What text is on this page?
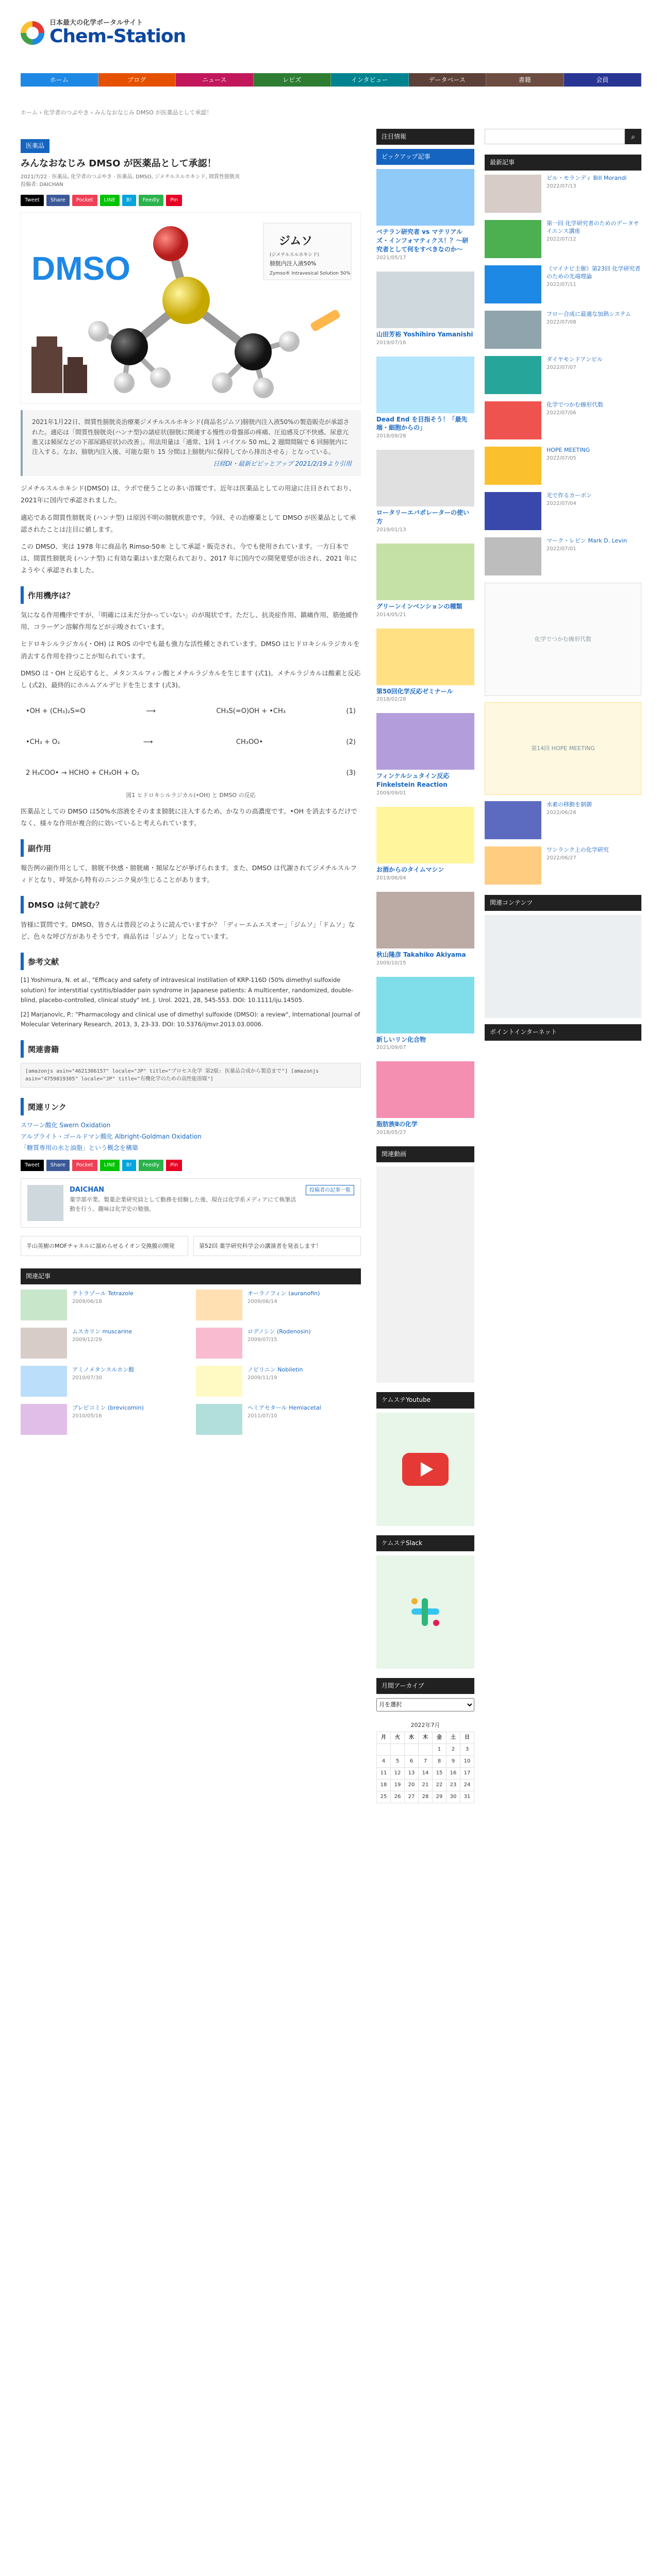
日本最大の化学ポータルサイト
Chem-Station
ホーム	ブログ	ニュース	レビズ	インタビュー	データベース	書籍	会員
ホーム › 化学者のつぶやき › みんなおなじみ DMSO が医薬品として承認！
医薬品
みんなおなじみ DMSO が医薬品として承認！
2021/7/22 · 医薬品, 化学者のつぶやき · 医薬品, DMSO, ジメチルスルホキシド, 間質性膀胱炎
投稿者: DAICHAN
Tweet	Share	Pocket	LINE	B!	Feedly	Pin
DMSO
ジムソ
(ジメチルスルホキシド)
膀胱内注入液50%
Zymso® Intravesical Solution 50%
2021年1月22日、間質性膀胱炎治療薬ジメチルスルホキシド(商品名ジムソ)膀胱内注入液50%の製造販売が承認された。適応は「間質性膀胱炎(ハンナ型)の諸症状(膀胱に関連する慢性の骨盤部の疼痛、圧迫感及び不快感、尿意亢進又は頻尿などの下部尿路症状)の改善」。用法用量は「通常、1回 1 バイアル 50 mL, 2 週間間隔で 6 回膀胱内に注入する。なお、膀胱内注入後、可能な限り 15 分間は上膀胱内に保持してから排出させる」となっている。
日経DI・最新ピピッとアップ 2021/2/19より引用

ジメチルスルホキシド(DMSO) は、ラボで使うことの多い溶媒です。近年は医薬品としての用途に注目されており、2021年に国内で承認されました。

適応である間質性膀胱炎 (ハンナ型) は原因不明の膀胱疾患です。今回、その治療薬として DMSO が医薬品として承認されたことは注目に値します。

この DMSO、実は 1978 年に商品名 Rimso-50® として承認・販売され、今でも使用されています。一方日本では、間質性膀胱炎 (ハンナ型) に有効な薬はいまだ限られており、2017 年に国内での開発要望が出され、2021 年にようやく承認されました。

作用機序は？

気になる作用機序ですが、「明確には未だ分かっていない」のが現状です。ただし、抗炎症作用、鎮痛作用、筋弛緩作用、コラーゲン溶解作用などが示唆されています。

ヒドロキシルラジカル(・OH) は ROS の中でも最も強力な活性種とされています。DMSO はヒドロキシルラジカルを消去する作用を持つことが知られています。

DMSO は・OH と反応すると、メタンスルフィン酸とメチルラジカルを生じます (式1)。メチルラジカルは酸素と反応し (式2)、最終的にホルムアルデヒドを生じます (式3)。

•OH + (CH₃)₂S=O	⟶	CH₃S(=O)OH + •CH₃	(1)
•CH₃ + O₂	⟶	CH₃OO•	(2)
2 H₃COO• → HCHO + CH₃OH + O₂	(3)
図1 ヒドロキシルラジカル(•OH) と DMSO の反応

医薬品としての DMSO は50%水溶液をそのまま膀胱に注入するため、かなりの高濃度です。•OH を消去するだけでなく、様々な作用が複合的に効いていると考えられています。

副作用

報告例の副作用として、膀胱不快感・膀胱痛・頻尿などが挙げられます。また、DMSO は代謝されてジメチルスルフィドとなり、呼気から特有のニンニク臭が生じることがあります。

DMSO は何て読む？

皆様に質問です。DMSO、皆さんは普段どのように読んでいますか？「ディーエムエスオー」「ジムソ」「ドムソ」など、色々な呼び方がありそうです。商品名は「ジムソ」となっています。

参考文献

[1] Yoshimura, N. et al., "Efficacy and safety of intravesical instillation of KRP-116D (50% dimethyl sulfoxide solution) for interstitial cystitis/bladder pain syndrome in Japanese patients: A multicenter, randomized, double-blind, placebo-controlled, clinical study" Int. J. Urol. 2021, 28, 545-553. DOI: 10.1111/iju.14505.

[2] Marjanovic, P.: "Pharmacology and clinical use of dimethyl sulfoxide (DMSO): a review", International Journal of Molecular Veterinary Research, 2013, 3, 23-33. DOI: 10.5376/ijmvr.2013.03.0006.

関連書籍
[amazonjs asin="4621306157" locale="JP" title="プロセス化学 第2版: 医薬品合成から製造まで"] [amazonjs asin="4759819305" locale="JP" title="有機化学のための高性能溶媒"]
関連リンク
スワーン酸化 Swern Oxidation
アルブライト・ゴールドマン酸化 Albright-Goldman Oxidation
「糖質専用の水と油脂」という概念を構築
Tweet	Share	Pocket	LINE	B!	Feedly	Pin
DAICHAN
薬学部卒業。製薬企業研究員として勤務を経験した後、現在は化学系メディアにて執筆活動を行う。趣味は化学史の勉強。
投稿者の記事一覧
半山英樹のMOFチャネルに溜めらせるイオン交換膜の開発	第52回 薬学研究科学会の講演者を発表します！
関連記事
テトラゾール Tetrazole
2009/06/18
オーラノフィン (auranofin)
2009/06/14
ムスカリン muscarine
2009/12/29
ロデノシン (Rodenosin)
2009/07/15
アミノメタンスルホン酸
2010/07/30
ノビリニン Nobiletin
2009/11/19
ブレビコミン (brevicomin)
2010/05/16
ヘミアセタール Hemiacetal
2011/07/10
注目情報
ピックアップ記事
ベテラン研究者 vs マテリアルズ・インフォマティクス！？～研究者として何をすべきなのか～
2021/05/17
山田芳裕 Yoshihiro Yamanishi
2019/07/16
Dead End を目指そう！「最先端・細胞からの」
2018/09/28
ロータリーエバポレーターの使い方
2019/01/13
グリーンインベンションの種類
2014/05/21
第50回化学反応ゼミナール
2018/02/28
フィンケルシュタイン反応 Finkelstein Reaction
2009/09/01
お酒からのタイムマシン
2019/06/04
秋山隆彦 Takahiko Akiyama
2009/10/15
新しいリン化合物
2021/09/07
脂肪族Ⅱの化学
2018/05/27
関連動画
ケムステYoutube
ケムステSlack
月間アーカイブ
月を選択
2022年7月
月	火	水	木	金	土	日
				1	2	3
4	5	6	7	8	9	10
11	12	13	14	15	16	17
18	19	20	21	22	23	24
25	26	27	28	29	30	31
⌕
最新記事
ビル・モランディ Bill Morandi
2022/07/13
第一回 化学研究者のためのデータサイエンス講座
2022/07/12
《マイナビ主催》第23回 化学研究者のための先端理論
2022/07/11
フロー合成に最適な加熱システム
2022/07/08
ダイヤモンドアンビル
2022/07/07
化学でつかむ線形代数
2022/07/06
HOPE MEETING
2022/07/05
光で作るカーボン
2022/07/04
マーク・レビン Mark D. Levin
2022/07/01
化学でつかむ線形代数
第14回 HOPE MEETING
水素の移動を制御
2022/06/28
ワンランク上の化学研究
2022/06/27
関連コンテンツ
ポイントインターネット
